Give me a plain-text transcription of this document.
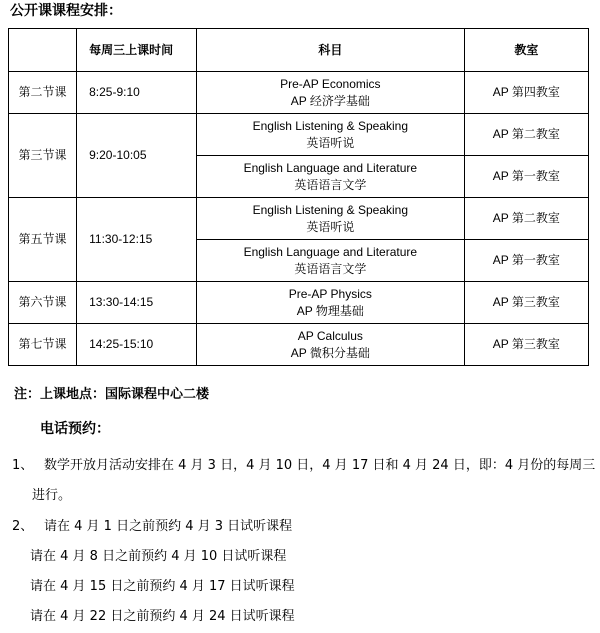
公开课课程安排：
	每周三上课时间	科目	教室
第二节课	8:25-9:10	Pre-AP Economics
AP 经济学基础	AP 第四教室
第三节课	9:20-10:05	English Listening & Speaking
英语听说	AP 第二教室

		English Language and Literature
英语语言文学	AP 第一教室
第五节课	11:30-12:15	English Listening & Speaking
英语听说	AP 第二教室

		English Language and Literature
英语语言文学	AP 第一教室
第六节课	13:30-14:15	Pre-AP Physics
AP 物理基础	AP 第三教室
第七节课	14:25-15:10	AP Calculus
AP 微积分基础	AP 第三教室
注：上课地点：国际课程中心二楼
电话预约：
1、 数学开放月活动安排在 4 月 3 日，4 月 10 日，4 月 17 日和 4 月 24 日，即：4 月份的每周三
进行。
2、 请在 4 月 1 日之前预约 4 月 3 日试听课程
请在 4 月 8 日之前预约 4 月 10 日试听课程
请在 4 月 15 日之前预约 4 月 17 日试听课程
请在 4 月 22 日之前预约 4 月 24 日试听课程
